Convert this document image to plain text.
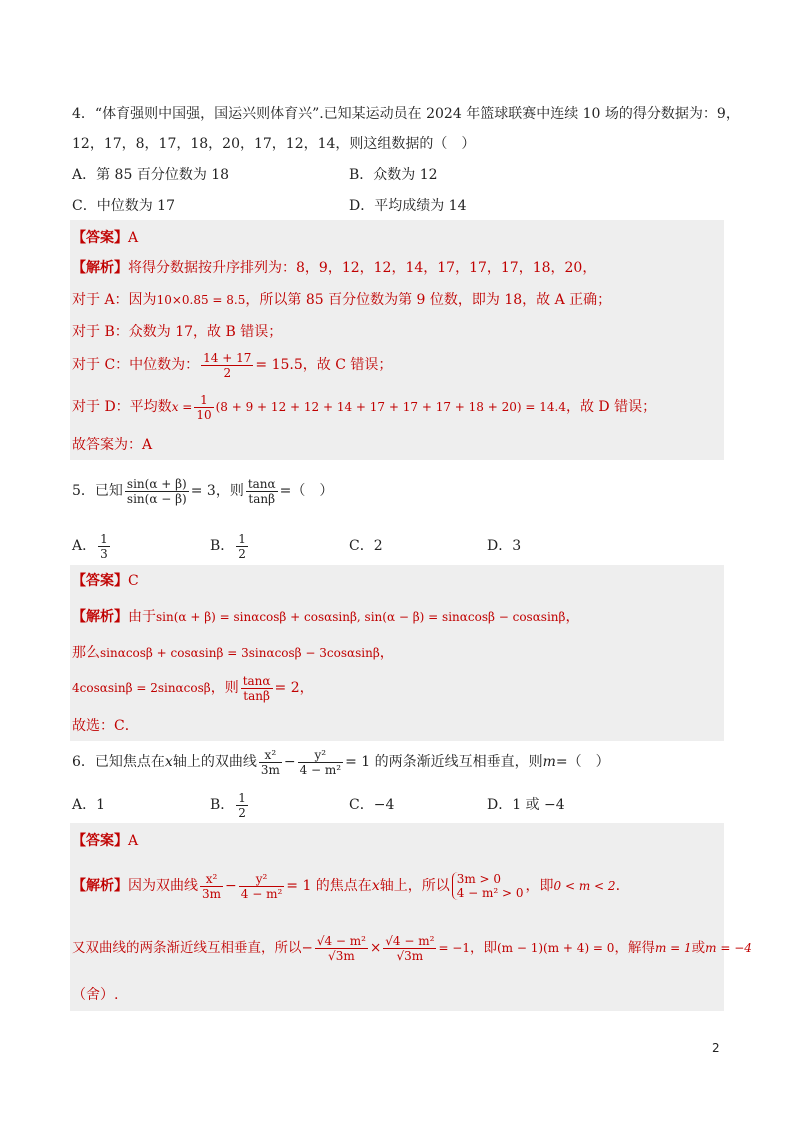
4．“体育强则中国强，国运兴则体育兴”.已知某运动员在 2024 年篮球联赛中连续 10 场的得分数据为：9，
12，17，8，17，18，20，17，12，14，则这组数据的（　）
A．第 85 百分位数为 18	B．众数为 12
C．中位数为 17	D．平均成绩为 14
【答案】A
【解析】将得分数据按升序排列为：8，9，12，12，14，17，17，17，18，20，
对于 A：因为10×0.85 = 8.5，所以第 85 百分位数为第 9 位数，即为 18，故 A 正确；
对于 B：众数为 17，故 B 错误；
对于 C：中位数为： $\frac{14 + 17}{2} = 15.5$，故 C 错误；
对于 D：平均数$x = \frac{1}{10} (8 + 9 + 12 + 12 + 14 + 17 + 17 + 17 + 18 + 20) = 14.4$，故 D 错误；
故答案为：A
5．已知 $\frac{\sin(\alpha + \beta)}{\sin(\alpha - \beta)} = 3$，则 $\frac{\tan\alpha}{\tan\beta}$ =（　）
A． $\frac{1}{3}$	B． $\frac{1}{2}$	C．2	D．3
【答案】C
【解析】由于sin(α + β) = sinαcosβ + cosαsinβ, sin(α − β) = sinαcosβ − cosαsinβ，
那么sinαcosβ + cosαsinβ = 3sinαcosβ − 3cosαsinβ，
4cosαsinβ = 2sinαcosβ，则 $\frac{\tan\alpha}{\tan\beta} = 2$，
故选：C．
6．已知焦点在x轴上的双曲线 $\frac{\text{x²}}{3m} - \frac{\text{y²}}{\text{4 − m²}} = 1$ 的两条渐近线互相垂直，则m=（　）
A．1	B． $\frac{1}{2}$	C．−4	D．1 或 −4
【答案】A
【解析】因为双曲线 $\frac{\text{x²}}{3m} - \frac{\text{y²}}{\text{4 − m²}} = 1$ 的焦点在x轴上，所以 3m > 0
4 − m² > 0 ，即0 < m < 2.
又双曲线的两条渐近线互相垂直，所以− $\frac{\text{√4 − m²}}{√3m} \times \frac{\text{√4 − m²}}{√3m} = -1$，即(m − 1)(m + 4) = 0，解得m = 1或m = −4
（舍）.
2
